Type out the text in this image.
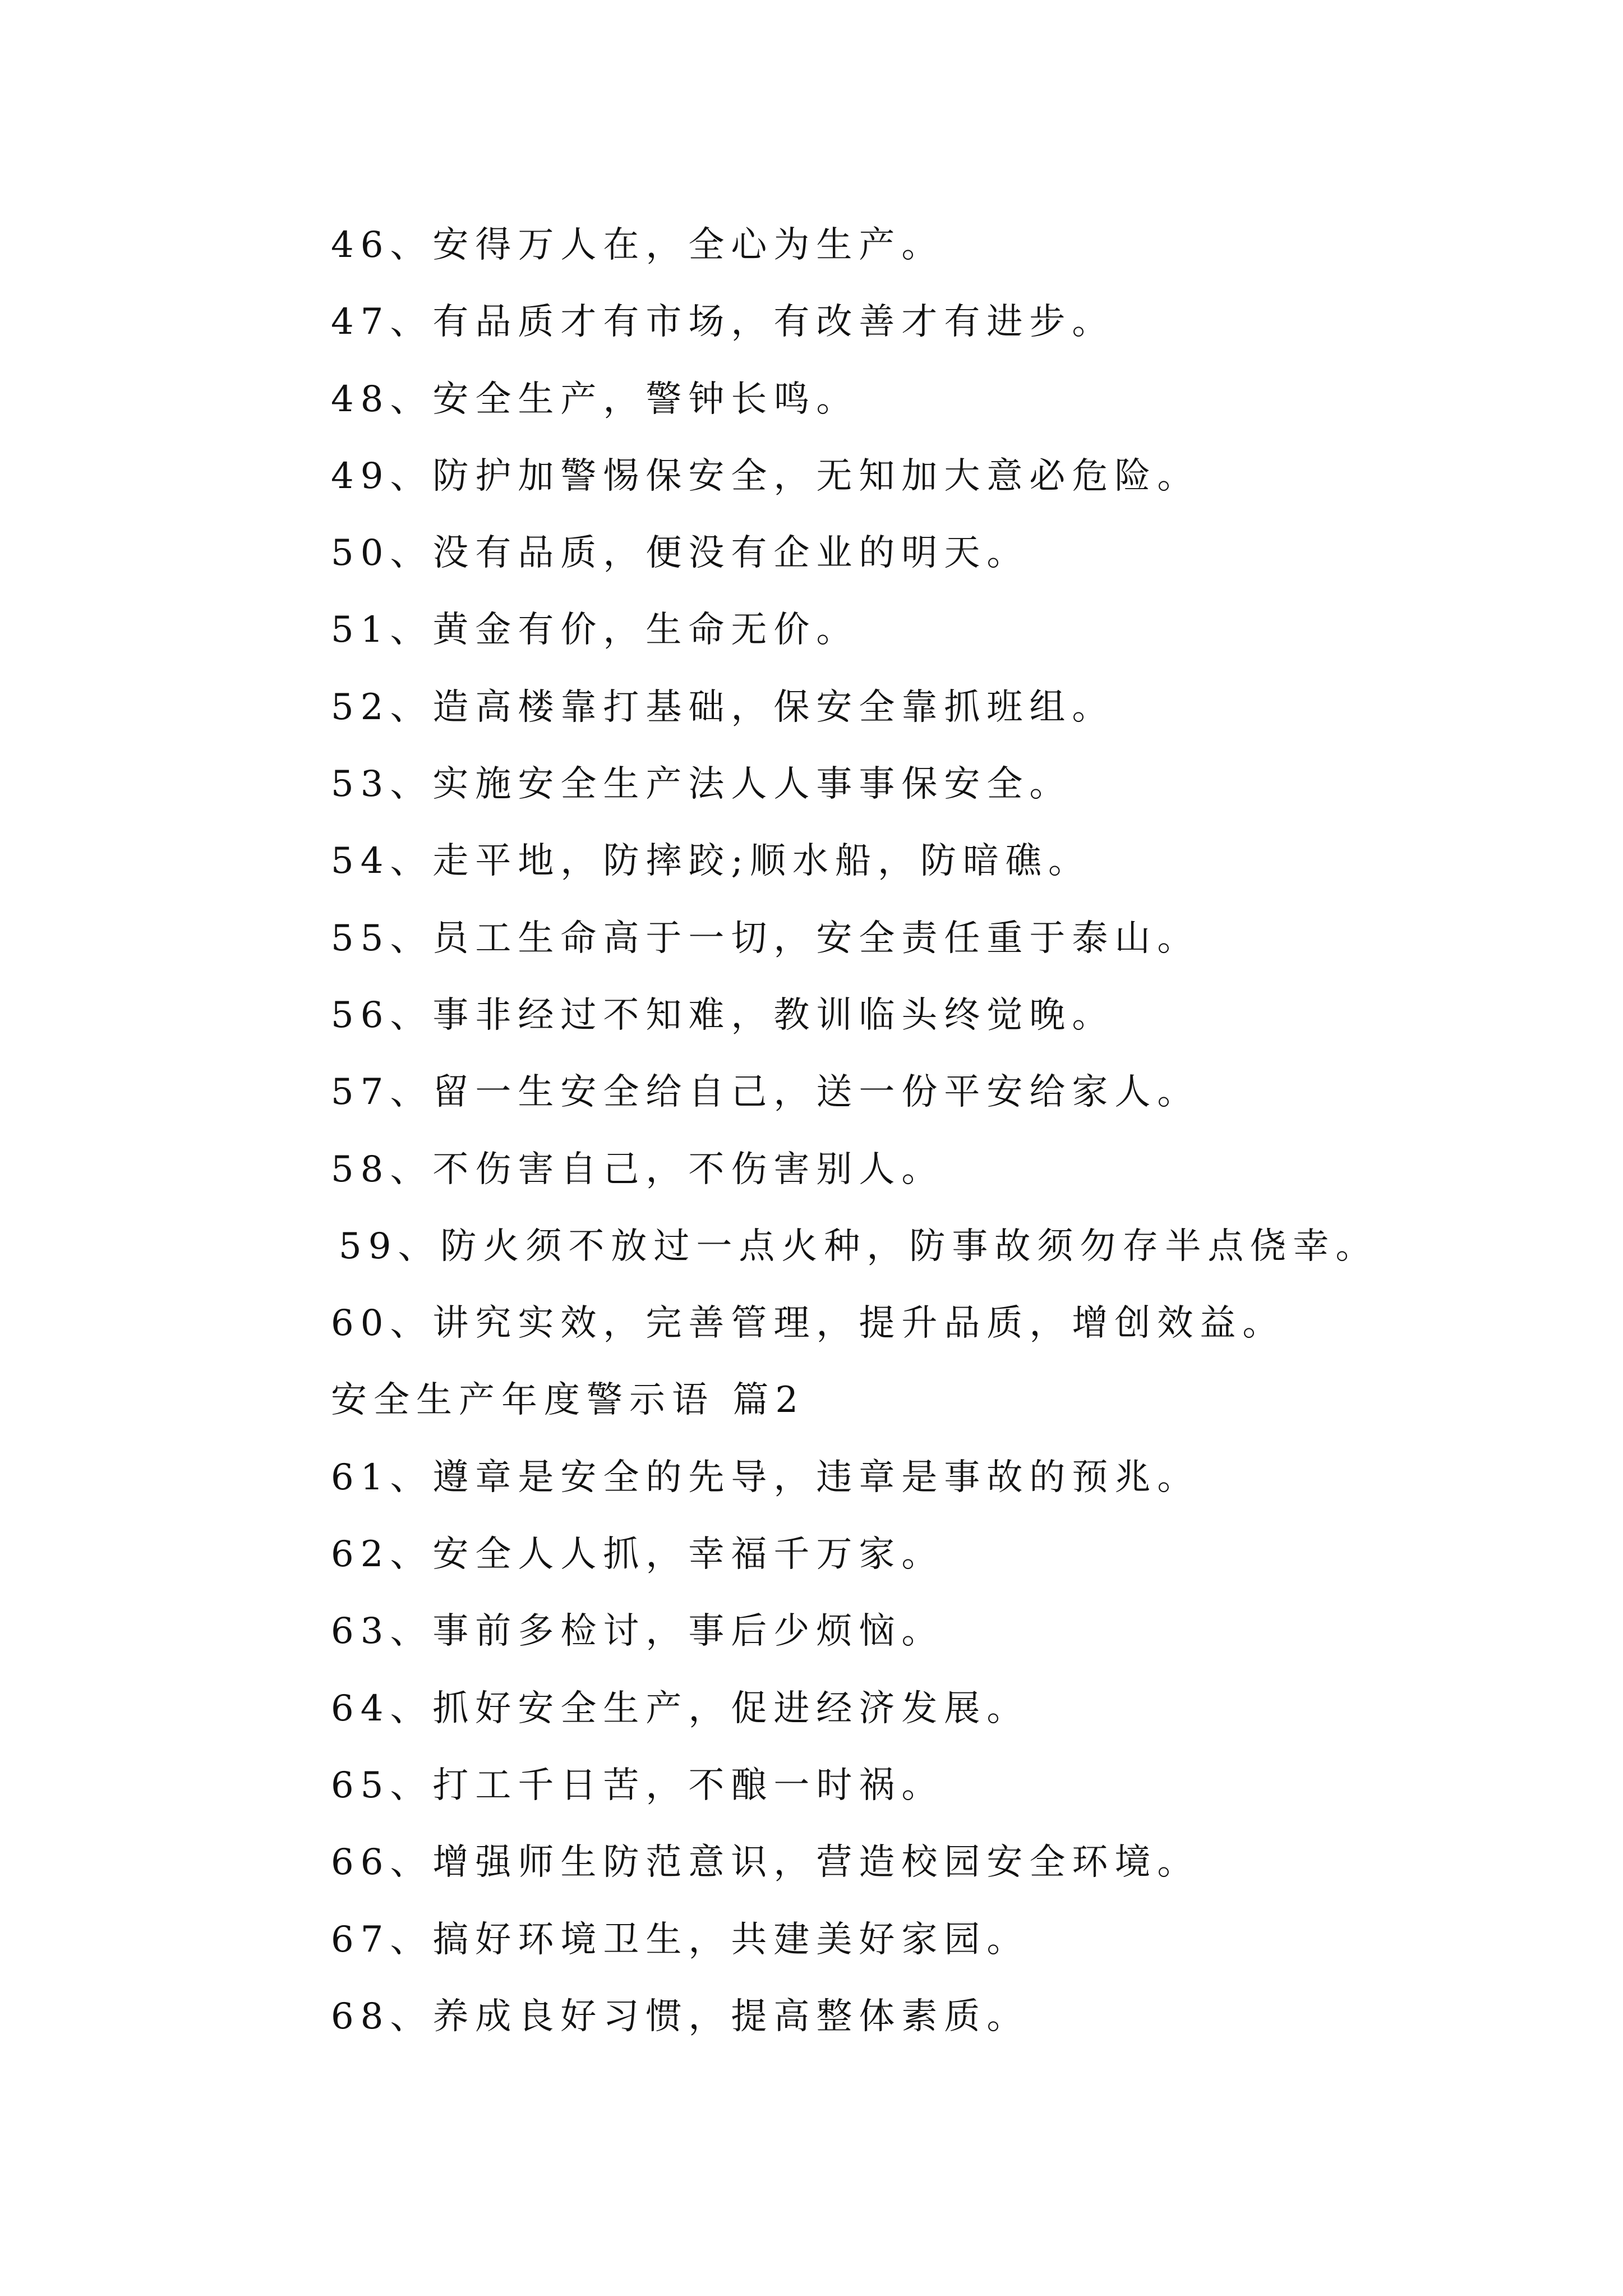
46、安得万人在，全心为生产。
47、有品质才有市场，有改善才有进步。
48、安全生产，警钟长鸣。
49、防护加警惕保安全，无知加大意必危险。
50、没有品质，便没有企业的明天。
51、黄金有价，生命无价。
52、造高楼靠打基础，保安全靠抓班组。
53、实施安全生产法人人事事保安全。
54、走平地，防摔跤;顺水船，防暗礁。
55、员工生命高于一切，安全责任重于泰山。
56、事非经过不知难，教训临头终觉晚。
57、留一生安全给自己，送一份平安给家人。
58、不伤害自己，不伤害别人。
59、防火须不放过一点火种，防事故须勿存半点侥幸。
60、讲究实效，完善管理，提升品质，增创效益。
安全生产年度警示语 篇2
61、遵章是安全的先导，违章是事故的预兆。
62、安全人人抓，幸福千万家。
63、事前多检讨，事后少烦恼。
64、抓好安全生产，促进经济发展。
65、打工千日苦，不酿一时祸。
66、增强师生防范意识，营造校园安全环境。
67、搞好环境卫生，共建美好家园。
68、养成良好习惯，提高整体素质。
